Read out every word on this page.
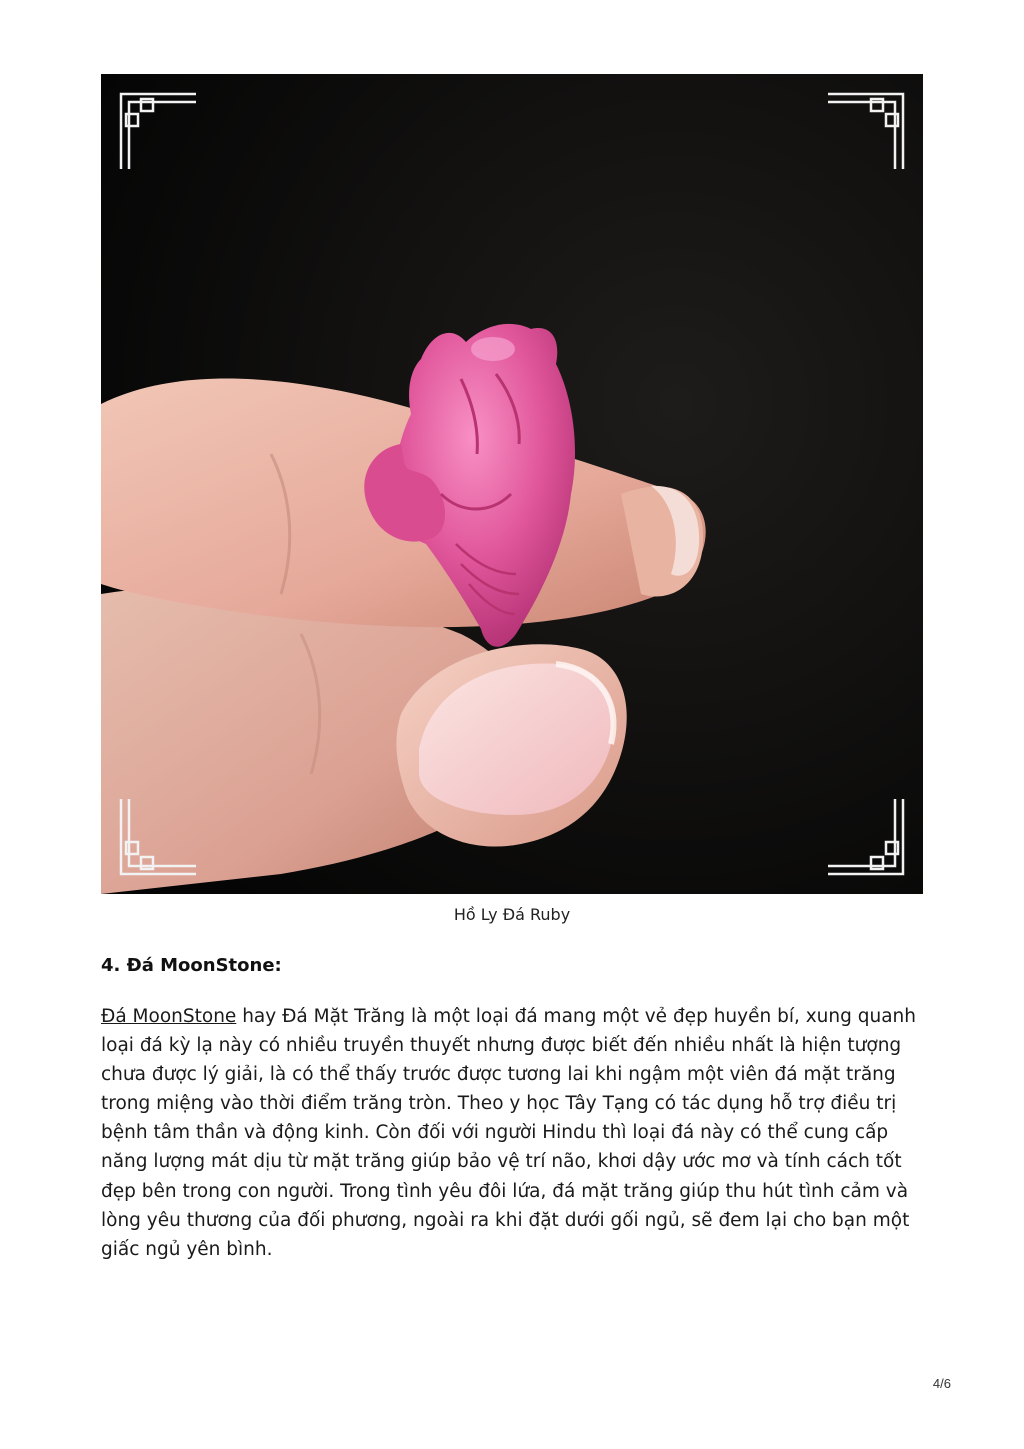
Hồ Ly Đá Ruby
4. Đá MoonStone:

Đá MoonStone hay Đá Mặt Trăng là một loại đá mang một vẻ đẹp huyền bí, xung quanh loại đá kỳ lạ này có nhiều truyền thuyết nhưng được biết đến nhiều nhất là hiện tượng chưa được lý giải, là có thể thấy trước được tương lai khi ngậm một viên đá mặt trăng trong miệng vào thời điểm trăng tròn. Theo y học Tây Tạng có tác dụng hỗ trợ điều trị bệnh tâm thần và động kinh. Còn đối với người Hindu thì loại đá này có thể cung cấp năng lượng mát dịu từ mặt trăng giúp bảo vệ trí não, khơi dậy ước mơ và tính cách tốt đẹp bên trong con người. Trong tình yêu đôi lứa, đá mặt trăng giúp thu hút tình cảm và lòng yêu thương của đối phương, ngoài ra khi đặt dưới gối ngủ, sẽ đem lại cho bạn một giấc ngủ yên bình.

4/6
